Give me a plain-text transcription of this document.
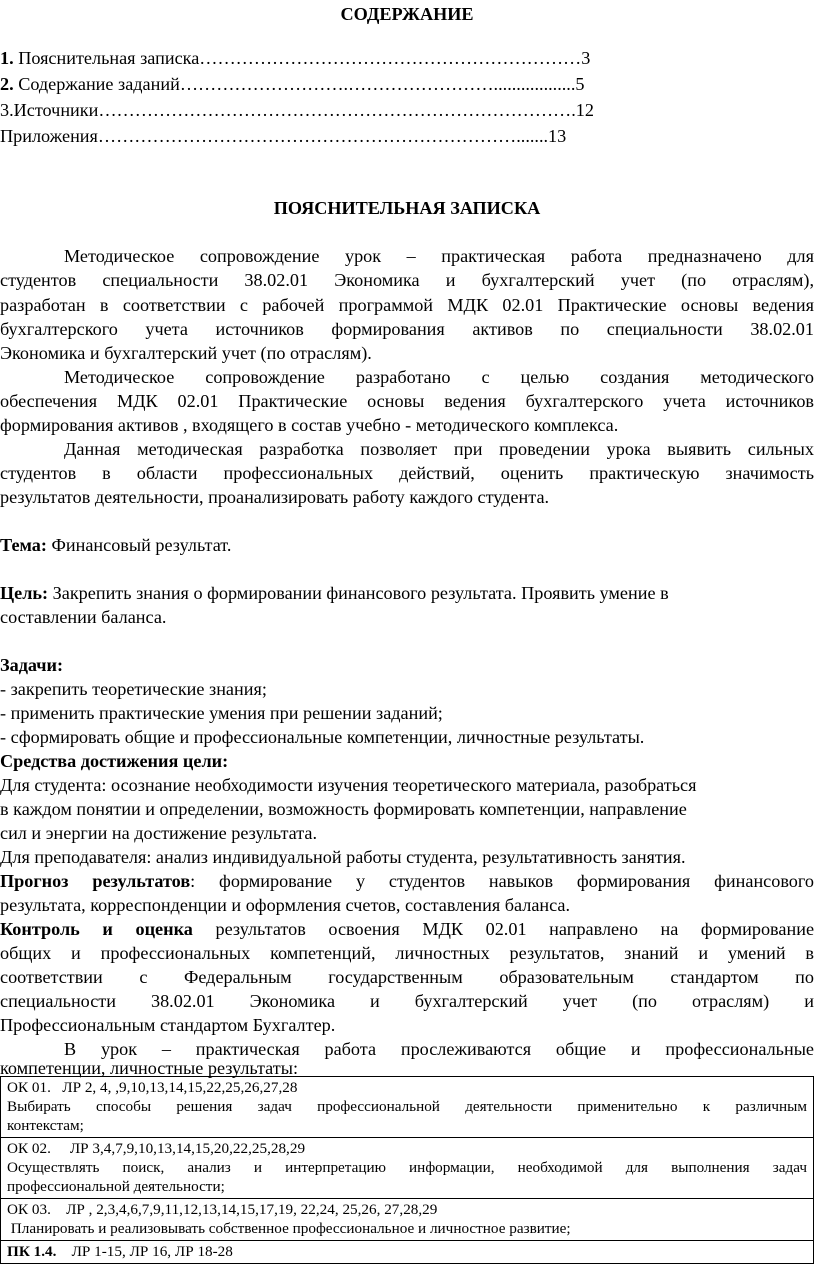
СОДЕРЖАНИЕ
1. Пояснительная записка………………………………………………………3
2. Содержание заданий……………………….……………………..................5
3.Источники…………………………………………………………………….12
Приложения…………………………………………………………….......13
ПОЯСНИТЕЛЬНАЯ ЗАПИСКА
Методическое сопровождение урок – практическая работа предназначено для
студентов специальности 38.02.01 Экономика и бухгалтерский учет (по отраслям),
разработан в соответствии с рабочей программой МДК 02.01 Практические основы ведения
бухгалтерского учета источников формирования активов по специальности 38.02.01
Экономика и бухгалтерский учет (по отраслям).
Методическое сопровождение разработано с целью создания методического
обеспечения МДК 02.01 Практические основы ведения бухгалтерского учета источников
формирования активов , входящего в состав учебно - методического комплекса.
Данная методическая разработка позволяет при проведении урока выявить сильных
студентов в области профессиональных действий, оценить практическую значимость
результатов деятельности, проанализировать работу каждого студента.
Тема: Финансовый результат.
Цель: Закрепить знания о формировании финансового результата. Проявить умение в
составлении баланса.
Задачи:
- закрепить теоретические знания;
- применить практические умения при решении заданий;
- сформировать общие и профессиональные компетенции, личностные результаты.
Средства достижения цели:
Для студента: осознание необходимости изучения теоретического материала, разобраться
в каждом понятии и определении, возможность формировать компетенции, направление
сил и энергии на достижение результата.
Для преподавателя: анализ индивидуальной работы студента, результативность занятия.
Прогноз результатов: формирование у студентов навыков формирования финансового
результата, корреспонденции и оформления счетов, составления баланса.
Контроль и оценка результатов освоения МДК 02.01 направлено на формирование
общих и профессиональных компетенций, личностных результатов, знаний и умений в
соответствии с Федеральным государственным образовательным стандартом по
специальности 38.02.01 Экономика и бухгалтерский учет (по отраслям) и
Профессиональным стандартом Бухгалтер.
В урок – практическая работа прослеживаются общие и профессиональные
компетенции, личностные результаты:
ОК 01. ЛР 2, 4, ,9,10,13,14,15,22,25,26,27,28
Выбирать способы решения задач профессиональной деятельности применительно к различным
контекстам;

ОК 02. ЛР 3,4,7,9,10,13,14,15,20,22,25,28,29
Осуществлять поиск, анализ и интерпретацию информации, необходимой для выполнения задач
профессиональной деятельности;

ОК 03. ЛР , 2,3,4,6,7,9,11,12,13,14,15,17,19, 22,24, 25,26, 27,28,29
Планировать и реализовывать собственное профессиональное и личностное развитие;

ПК 1.4. ЛР 1-15, ЛР 16, ЛР 18-28
